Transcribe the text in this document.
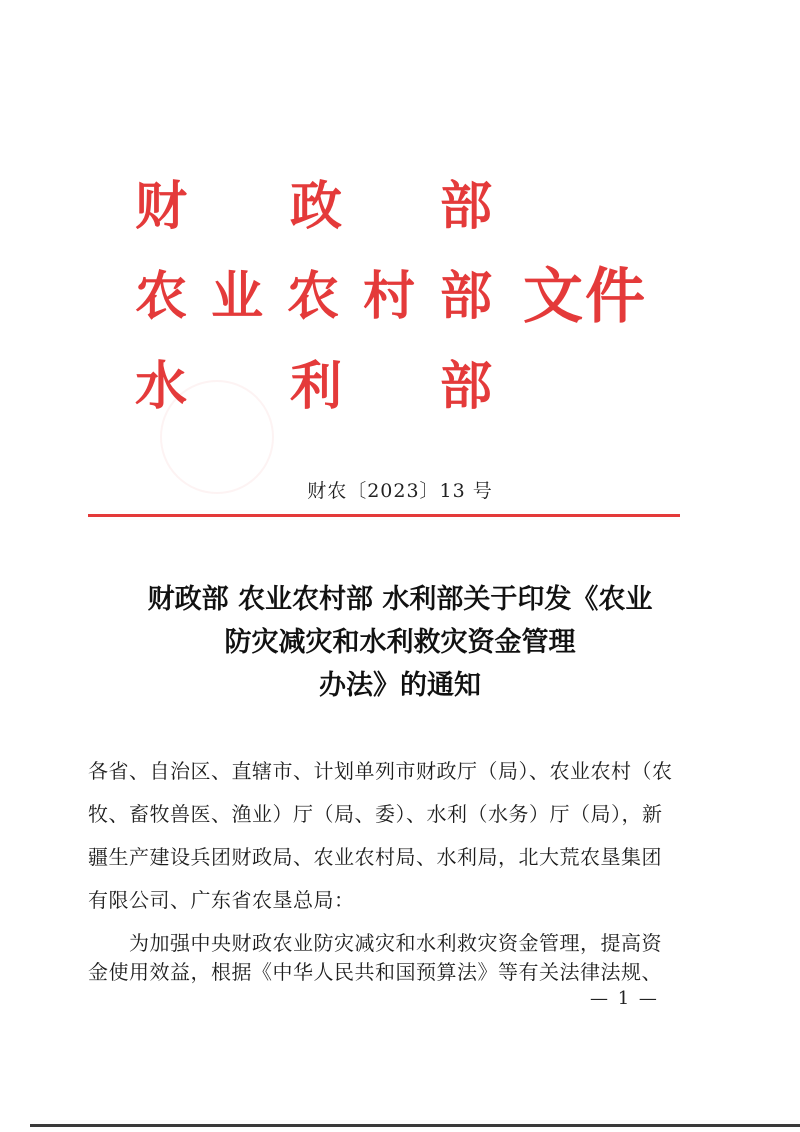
财 政 部
农 业 农 村 部 文件
水 利 部
财农〔2023〕13 号
财政部 农业农村部 水利部关于印发《农业
防灾减灾和水利救灾资金管理
办法》的通知
各省、自治区、直辖市、计划单列市财政厅（局）、农业农村（农
牧、畜牧兽医、渔业）厅（局、委）、水利（水务）厅（局），新
疆生产建设兵团财政局、农业农村局、水利局，北大荒农垦集团
有限公司、广东省农垦总局：
　　为加强中央财政农业防灾减灾和水利救灾资金管理，提高资
金使用效益，根据《中华人民共和国预算法》等有关法律法规、
— 1 —
